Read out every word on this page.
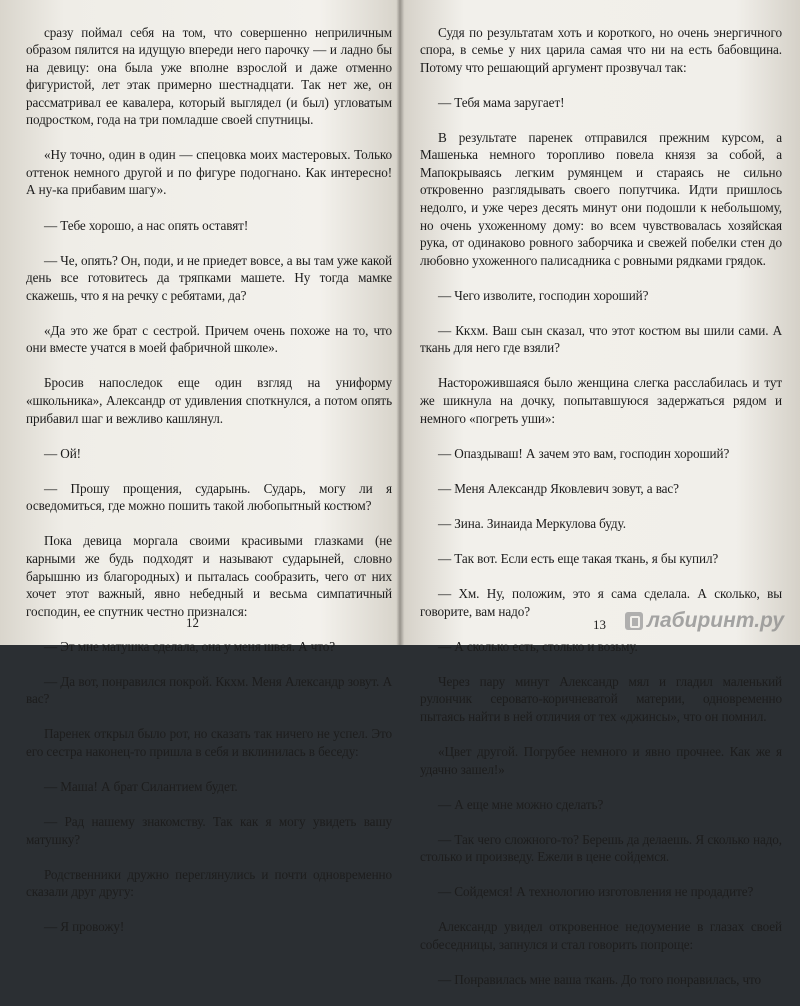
сразу поймал себя на том, что совершенно неприличным образом пялится на идущую впереди него парочку — и ладно бы на девицу: она была уже вполне взрослой и даже отменно фигуристой, лет этак примерно шестнадцати. Так нет же, он рассматривал ее кавалера, который выглядел (и был) угловатым подростком, года на три помладше своей спутницы.

«Ну точно, один в один — спецовка моих мастеровых. Только оттенок немного другой и по фигуре подогнано. Как интересно! А ну-ка прибавим шагу».

— Тебе хорошо, а нас опять оставят!

— Че, опять? Он, поди, и не приедет вовсе, а вы там уже какой день все готовитесь да тряпками машете. Ну тогда мамке скажешь, что я на речку с ребятами, да?

«Да это же брат с сестрой. Причем очень похоже на то, что они вместе учатся в моей фабричной школе».

Бросив напоследок еще один взгляд на униформу «школьника», Александр от удивления споткнулся, а потом опять прибавил шаг и вежливо кашлянул.

— Ой!

— Прошу прощения, сударынь. Сударь, могу ли я осведомиться, где можно пошить такой любопытный костюм?

Пока девица моргала своими красивыми глазками (не карными же будь подходят и называют сударыней, словно барышню из благородных) и пыталась сообразить, чего от них хочет этот важный, явно небедный и весьма симпатичный господин, ее спутник честно признался:

— Эт мне матушка сделала, она у меня швея. А что?

— Да вот, понравился покрой. Ккхм. Меня Александр зовут. А вас?

Паренек открыл было рот, но сказать так ничего не успел. Это его сестра наконец-то пришла в себя и вклинилась в беседу:

— Маша! А брат Силантием будет.

— Рад нашему знакомству. Так как я могу увидеть вашу матушку?

Родственники дружно переглянулись и почти одновременно сказали друг другу:

— Я провожу!

12

Судя по результатам хоть и короткого, но очень энергичного спора, в семье у них царила самая что ни на есть бабовщина. Потому что решающий аргумент прозвучал так:

— Тебя мама заругает!

В результате паренек отправился прежним курсом, а Машенька немного торопливо повела князя за собой, а Мапокрываясь легким румянцем и стараясь не сильно откровенно разглядывать своего попутчика. Идти пришлось недолго, и уже через десять минут они подошли к небольшому, но очень ухоженному дому: во всем чувствовалась хозяйская рука, от одинаково ровного заборчика и свежей побелки стен до любовно ухоженного палисадника с ровными рядками грядок.

— Чего изволите, господин хороший?

— Ккхм. Ваш сын сказал, что этот костюм вы шили сами. А ткань для него где взяли?

Насторожившаяся было женщина слегка расслабилась и тут же шикнула на дочку, попытавшуюся задержаться рядом и немного «погреть уши»:

— Опаздываш! А зачем это вам, господин хороший?

— Меня Александр Яковлевич зовут, а вас?

— Зина. Зинаида Меркулова буду.

— Так вот. Если есть еще такая ткань, я бы купил?

— Хм. Ну, положим, это я сама сделала. А сколько, вы говорите, вам надо?

— А сколько есть, столько и возьму.

Через пару минут Александр мял и гладил маленький рулончик серовато-коричневатой материи, одновременно пытаясь найти в ней отличия от тех «джинсы», что он помнил.

«Цвет другой. Погрубее немного и явно прочнее. Как же я удачно зашел!»

— А еще мне можно сделать?

— Так чего сложного-то? Берешь да делаешь. Я сколько надо, столько и произведу. Ежели в цене сойдемся.

— Сойдемся! А технологию изготовления не продадите?

Александр увидел откровенное недоумение в глазах своей собеседницы, запнулся и стал говорить попроще:

— Понравилась мне ваша ткань. До того понравилась, что

13 лабиринт.ру
